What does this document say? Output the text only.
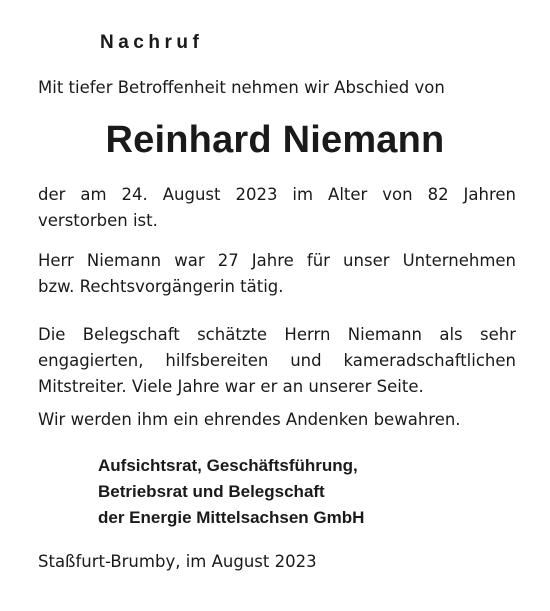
Nachruf
Mit tiefer Betroffenheit nehmen wir Abschied von
Reinhard Niemann
der am 24. August 2023 im Alter von 82 Jahren
verstorben ist.
Herr Niemann war 27 Jahre für unser Unternehmen
bzw. Rechtsvorgängerin tätig.
Die Belegschaft schätzte Herrn Niemann als sehr
engagierten, hilfsbereiten und kameradschaftlichen
Mitstreiter. Viele Jahre war er an unserer Seite.
Wir werden ihm ein ehrendes Andenken bewahren.
Aufsichtsrat, Geschäftsführung,
Betriebsrat und Belegschaft
der Energie Mittelsachsen GmbH
Staßfurt-Brumby, im August 2023
